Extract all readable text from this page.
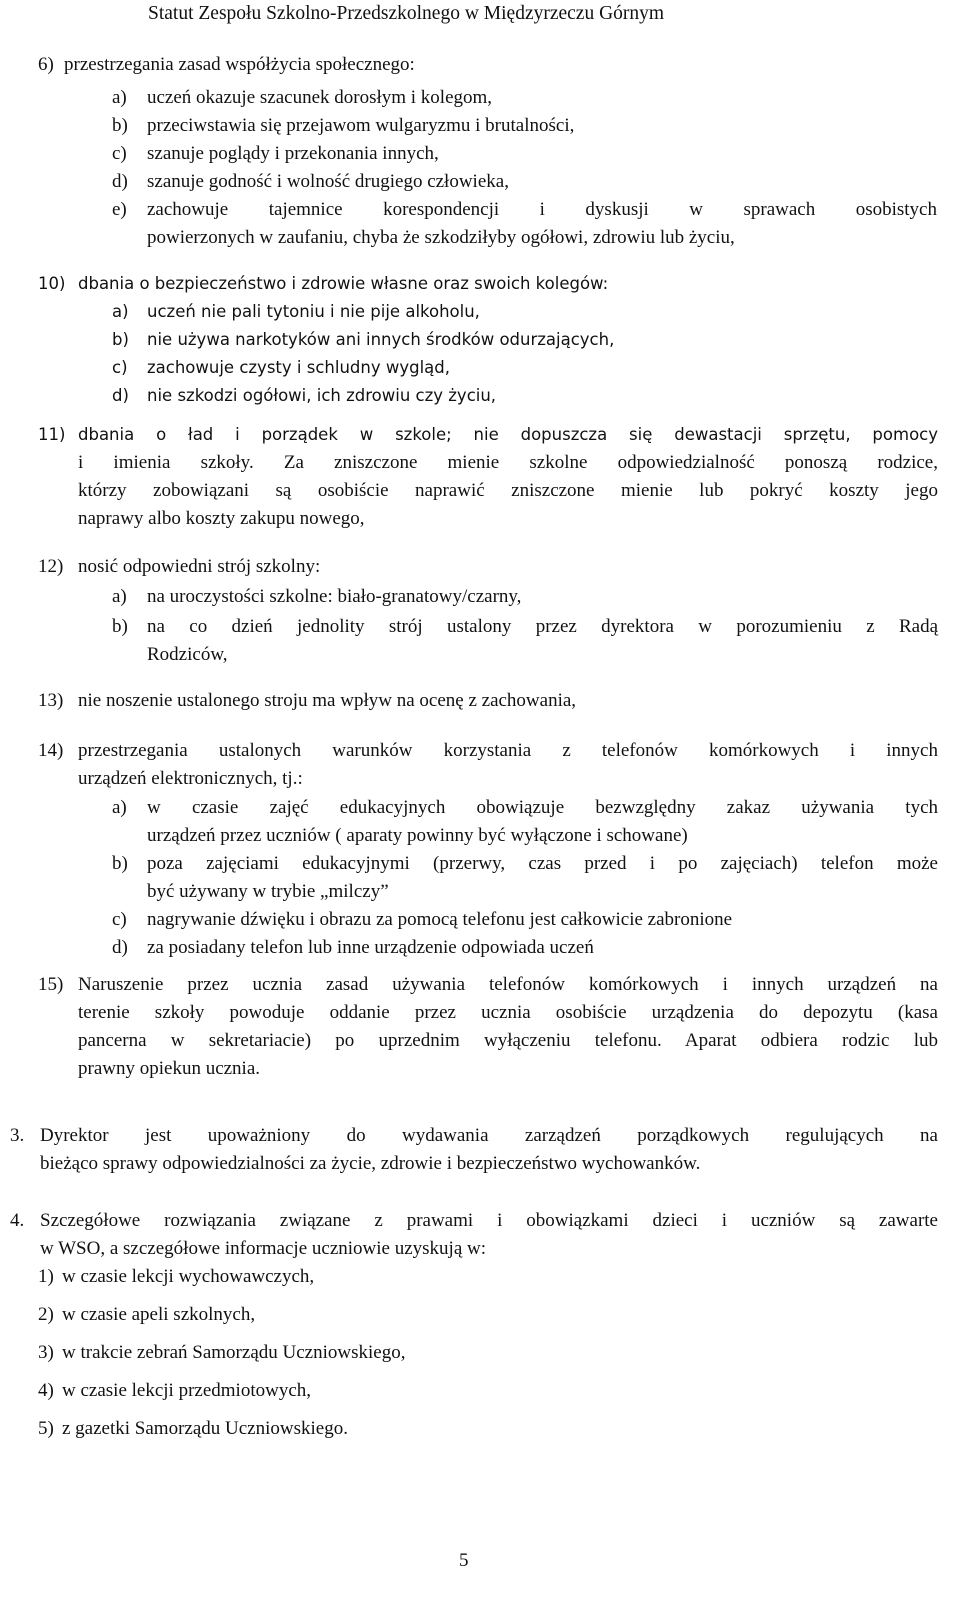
Statut Zespołu Szkolno-Przedszkolnego w Międzyrzeczu Górnym
6) przestrzegania zasad współżycia społecznego:
a) uczeń okazuje szacunek dorosłym i kolegom,
b) przeciwstawia się przejawom wulgaryzmu i brutalności,
c) szanuje poglądy i przekonania innych,
d) szanuje godność i wolność drugiego człowieka,
e) zachowuje tajemnice korespondencji i dyskusji w sprawach osobistych
powierzonych w zaufaniu, chyba że szkodziłyby ogółowi, zdrowiu lub życiu,
10) dbania o bezpieczeństwo i zdrowie własne oraz swoich kolegów:
a) uczeń nie pali tytoniu i nie pije alkoholu,
b) nie używa narkotyków ani innych środków odurzających,
c) zachowuje czysty i schludny wygląd,
d) nie szkodzi ogółowi, ich zdrowiu czy życiu,
11) dbania o ład i porządek w szkole; nie dopuszcza się dewastacji sprzętu, pomocy
i imienia szkoły. Za zniszczone mienie szkolne odpowiedzialność ponoszą rodzice,
którzy zobowiązani są osobiście naprawić zniszczone mienie lub pokryć koszty jego
naprawy albo koszty zakupu nowego,
12) nosić odpowiedni strój szkolny:
a) na uroczystości szkolne: biało-granatowy/czarny,
b) na co dzień jednolity strój ustalony przez dyrektora w porozumieniu z Radą
Rodziców,
13) nie noszenie ustalonego stroju ma wpływ na ocenę z zachowania,
14) przestrzegania ustalonych warunków korzystania z telefonów komórkowych i innych
urządzeń elektronicznych, tj.:
a) w czasie zajęć edukacyjnych obowiązuje bezwzględny zakaz używania tych
urządzeń przez uczniów ( aparaty powinny być wyłączone i schowane)
b) poza zajęciami edukacyjnymi (przerwy, czas przed i po zajęciach) telefon może
być używany w trybie „milczy”
c) nagrywanie dźwięku i obrazu za pomocą telefonu jest całkowicie zabronione
d) za posiadany telefon lub inne urządzenie odpowiada uczeń
15) Naruszenie przez ucznia zasad używania telefonów komórkowych i innych urządzeń na
terenie szkoły powoduje oddanie przez ucznia osobiście urządzenia do depozytu (kasa
pancerna w sekretariacie) po uprzednim wyłączeniu telefonu. Aparat odbiera rodzic lub
prawny opiekun ucznia.
3. Dyrektor jest upoważniony do wydawania zarządzeń porządkowych regulujących na
bieżąco sprawy odpowiedzialności za życie, zdrowie i bezpieczeństwo wychowanków.
4. Szczegółowe rozwiązania związane z prawami i obowiązkami dzieci i uczniów są zawarte
w WSO, a szczegółowe informacje uczniowie uzyskują w:
1) w czasie lekcji wychowawczych,
2) w czasie apeli szkolnych,
3) w trakcie zebrań Samorządu Uczniowskiego,
4) w czasie lekcji przedmiotowych,
5) z gazetki Samorządu Uczniowskiego.
5
